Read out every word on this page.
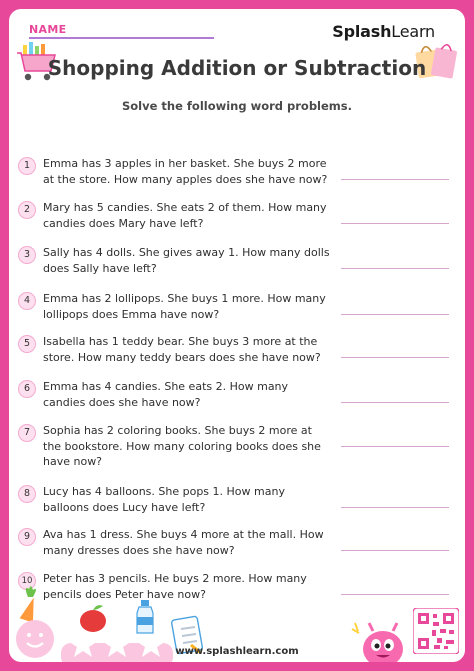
NAME	SplashLearn
Shopping Addition or Subtraction
Solve the following word problems.
1	Emma has 3 apples in her basket. She buys 2 more at the store. How many apples does she have now?
2	Mary has 5 candies. She eats 2 of them. How many candies does Mary have left?
3	Sally has 4 dolls. She gives away 1. How many dolls does Sally have left?
4	Emma has 2 lollipops. She buys 1 more. How many lollipops does Emma have now?
5	Isabella has 1 teddy bear. She buys 3 more at the store. How many teddy bears does she have now?
6	Emma has 4 candies. She eats 2. How many candies does she have now?
7	Sophia has 2 coloring books. She buys 2 more at the bookstore. How many coloring books does she have now?
8	Lucy has 4 balloons. She pops 1. How many balloons does Lucy have left?
9	Ava has 1 dress. She buys 4 more at the mall. How many dresses does she have now?
10 Peter has 3 pencils. He buys 2 more. How many pencils does Peter have now?
www.splashlearn.com
